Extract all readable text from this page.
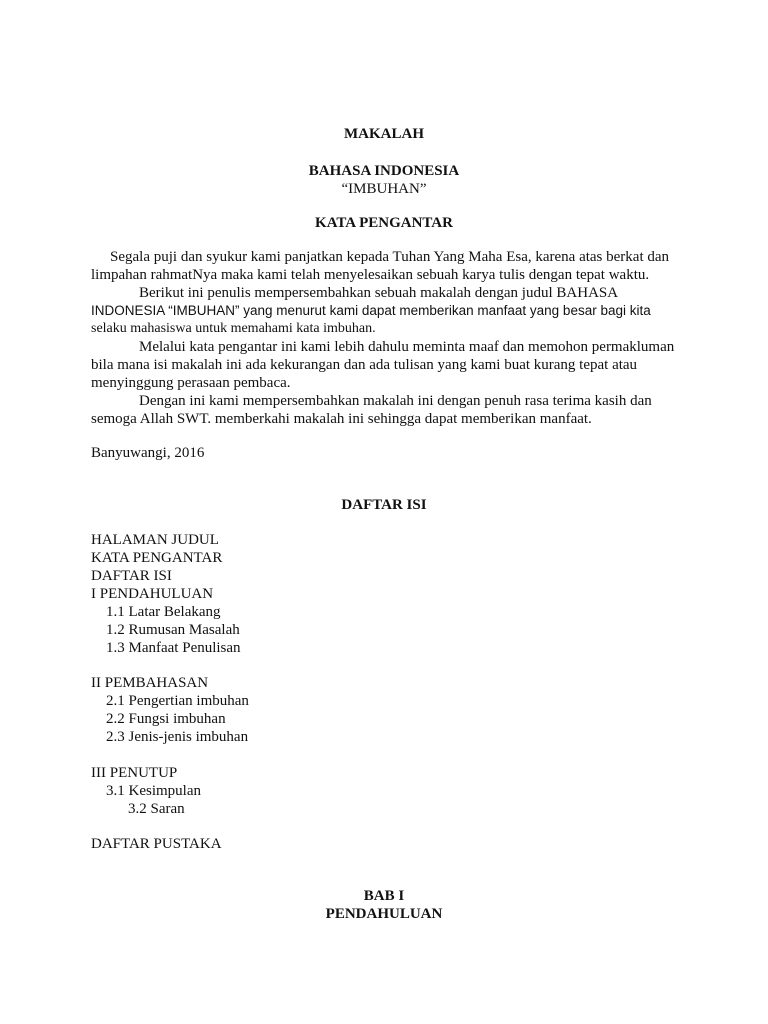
MAKALAH
BAHASA INDONESIA
“IMBUHAN”
KATA PENGANTAR

Segala puji dan syukur kami panjatkan kepada Tuhan Yang Maha Esa, karena atas berkat dan

limpahan rahmatNya maka kami telah menyelesaikan sebuah karya tulis dengan tepat waktu.

Berikut ini penulis mempersembahkan sebuah makalah dengan judul BAHASA

INDONESIA “IMBUHAN” yang menurut kami dapat memberikan manfaat yang besar bagi kita

selaku mahasiswa untuk memahami kata imbuhan.

Melalui kata pengantar ini kami lebih dahulu meminta maaf dan memohon permakluman

bila mana isi makalah ini ada kekurangan dan ada tulisan yang kami buat kurang tepat atau

menyinggung perasaan pembaca.

Dengan ini kami mempersembahkan makalah ini dengan penuh rasa terima kasih dan

semoga Allah SWT. memberkahi makalah ini sehingga dapat memberikan manfaat.

Banyuwangi, 2016
DAFTAR ISI
HALAMAN JUDUL
KATA PENGANTAR
DAFTAR ISI
I PENDAHULUAN
1.1 Latar Belakang
1.2 Rumusan Masalah
1.3 Manfaat Penulisan
II PEMBAHASAN
2.1 Pengertian imbuhan
2.2 Fungsi imbuhan
2.3 Jenis-jenis imbuhan
III PENUTUP
3.1 Kesimpulan
3.2 Saran
DAFTAR PUSTAKA
BAB I
PENDAHULUAN
